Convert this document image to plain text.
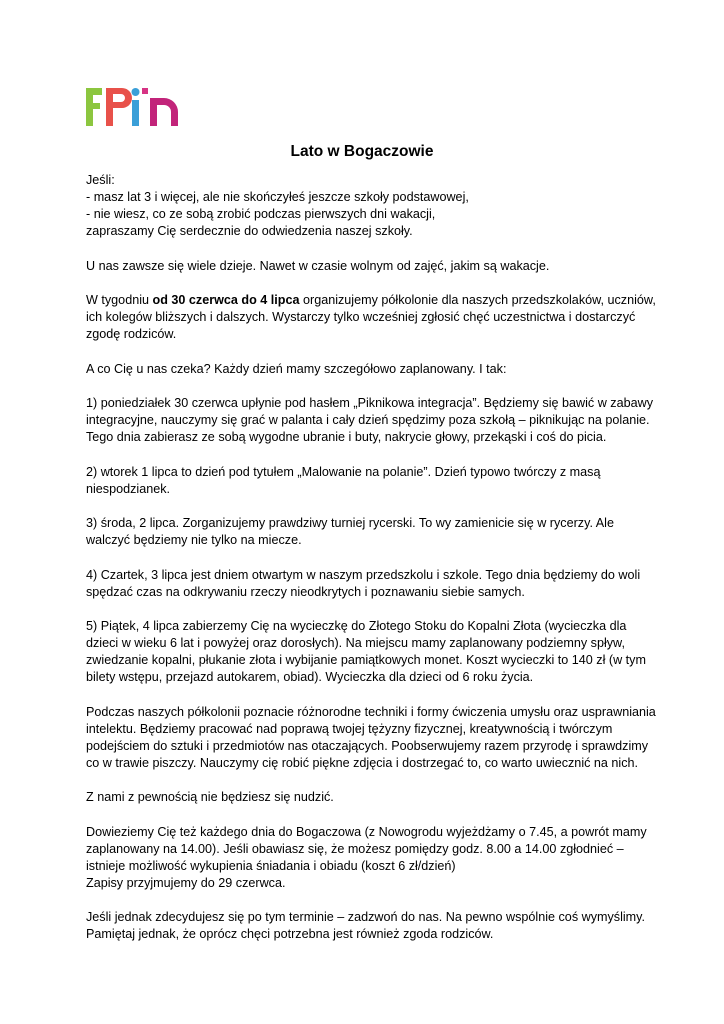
Lato w Bogaczowie

Jeśli:
- masz lat 3 i więcej, ale nie skończyłeś jeszcze szkoły podstawowej,
- nie wiesz, co ze sobą zrobić podczas pierwszych dni wakacji,
zapraszamy Cię serdecznie do odwiedzenia naszej szkoły.

U nas zawsze się wiele dzieje. Nawet w czasie wolnym od zajęć, jakim są wakacje.

W tygodniu od 30 czerwca do 4 lipca organizujemy półkolonie dla naszych przedszkolaków, uczniów,
ich kolegów bliższych i dalszych. Wystarczy tylko wcześniej zgłosić chęć uczestnictwa i dostarczyć
zgodę rodziców.

A co Cię u nas czeka? Każdy dzień mamy szczegółowo zaplanowany. I tak:

1) poniedziałek 30 czerwca upłynie pod hasłem „Piknikowa integracja”. Będziemy się bawić w zabawy
integracyjne, nauczymy się grać w palanta i cały dzień spędzimy poza szkołą – piknikując na polanie.
Tego dnia zabierasz ze sobą wygodne ubranie i buty, nakrycie głowy, przekąski i coś do picia.

2) wtorek 1 lipca to dzień pod tytułem „Malowanie na polanie”. Dzień typowo twórczy z masą
niespodzianek.

3) środa, 2 lipca. Zorganizujemy prawdziwy turniej rycerski. To wy zamienicie się w rycerzy. Ale
walczyć będziemy nie tylko na miecze.

4) Czartek, 3 lipca jest dniem otwartym w naszym przedszkolu i szkole. Tego dnia będziemy do woli
spędzać czas na odkrywaniu rzeczy nieodkrytych i poznawaniu siebie samych.

5) Piątek, 4 lipca zabierzemy Cię na wycieczkę do Złotego Stoku do Kopalni Złota (wycieczka dla
dzieci w wieku 6 lat i powyżej oraz dorosłych). Na miejscu mamy zaplanowany podziemny spływ,
zwiedzanie kopalni, płukanie złota i wybijanie pamiątkowych monet. Koszt wycieczki to 140 zł (w tym
bilety wstępu, przejazd autokarem, obiad). Wycieczka dla dzieci od 6 roku życia.

Podczas naszych półkolonii poznacie różnorodne techniki i formy ćwiczenia umysłu oraz usprawniania
intelektu. Będziemy pracować nad poprawą twojej tężyzny fizycznej, kreatywnością i twórczym
podejściem do sztuki i przedmiotów nas otaczających. Poobserwujemy razem przyrodę i sprawdzimy
co w trawie piszczy. Nauczymy cię robić piękne zdjęcia i dostrzegać to, co warto uwiecznić na nich.

Z nami z pewnością nie będziesz się nudzić.

Dowieziemy Cię też każdego dnia do Bogaczowa (z Nowogrodu wyjeżdżamy o 7.45, a powrót mamy
zaplanowany na 14.00). Jeśli obawiasz się, że możesz pomiędzy godz. 8.00 a 14.00 zgłodnieć –
istnieje możliwość wykupienia śniadania i obiadu (koszt 6 zł/dzień)
Zapisy przyjmujemy do 29 czerwca.

Jeśli jednak zdecydujesz się po tym terminie – zadzwoń do nas. Na pewno wspólnie coś wymyślimy.
Pamiętaj jednak, że oprócz chęci potrzebna jest również zgoda rodziców.
